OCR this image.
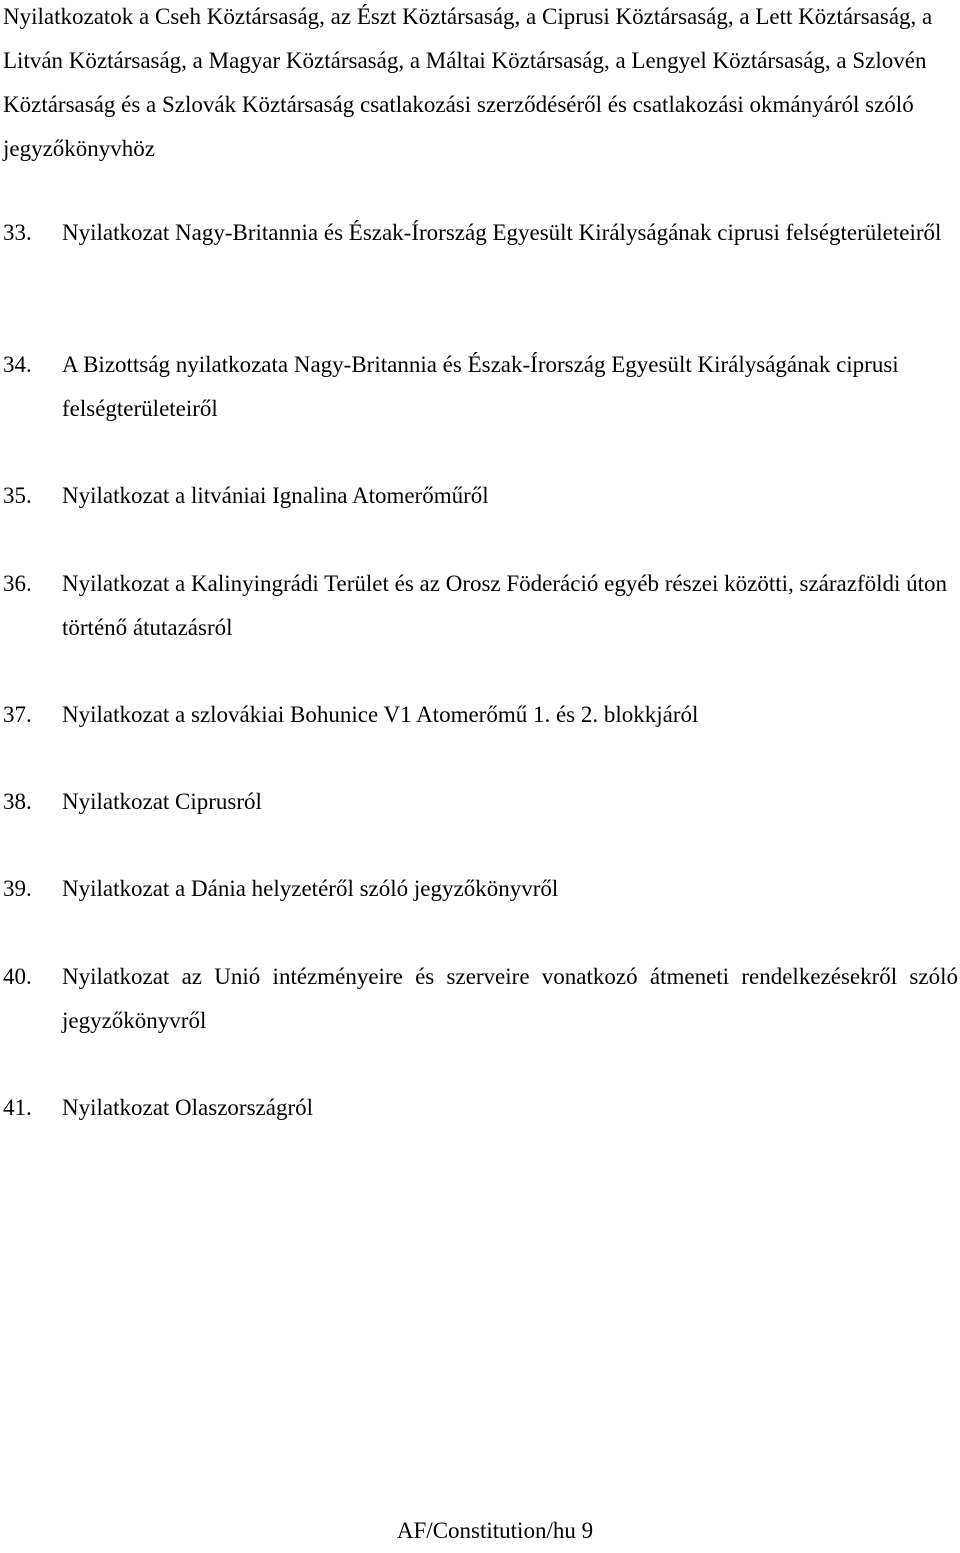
Nyilatkozatok a Cseh Köztársaság, az Észt Köztársaság, a Ciprusi Köztársaság, a Lett Köztársaság, a Litván Köztársaság, a Magyar Köztársaság, a Máltai Köztársaság, a Lengyel Köztársaság, a Szlovén Köztársaság és a Szlovák Köztársaság csatlakozási szerződéséről és csatlakozási okmányáról szóló jegyzőkönyvhöz

33.	Nyilatkozat Nagy-Britannia és Észak-Írország Egyesült Királyságának ciprusi felségterületeiről
34.	A Bizottság nyilatkozata Nagy-Britannia és Észak-Írország Egyesült Királyságának ciprusi felségterületeiről
35.	Nyilatkozat a litvániai Ignalina Atomerőműről
36.	Nyilatkozat a Kalinyingrádi Terület és az Orosz Föderáció egyéb részei közötti, szárazföldi úton történő átutazásról
37.	Nyilatkozat a szlovákiai Bohunice V1 Atomerőmű 1. és 2. blokkjáról
38.	Nyilatkozat Ciprusról
39.	Nyilatkozat a Dánia helyzetéről szóló jegyzőkönyvről
40.	Nyilatkozat az Unió intézményeire és szerveire vonatkozó átmeneti rendelkezésekről szóló jegyzőkönyvről
41.	Nyilatkozat Olaszországról
AF/Constitution/hu 9
